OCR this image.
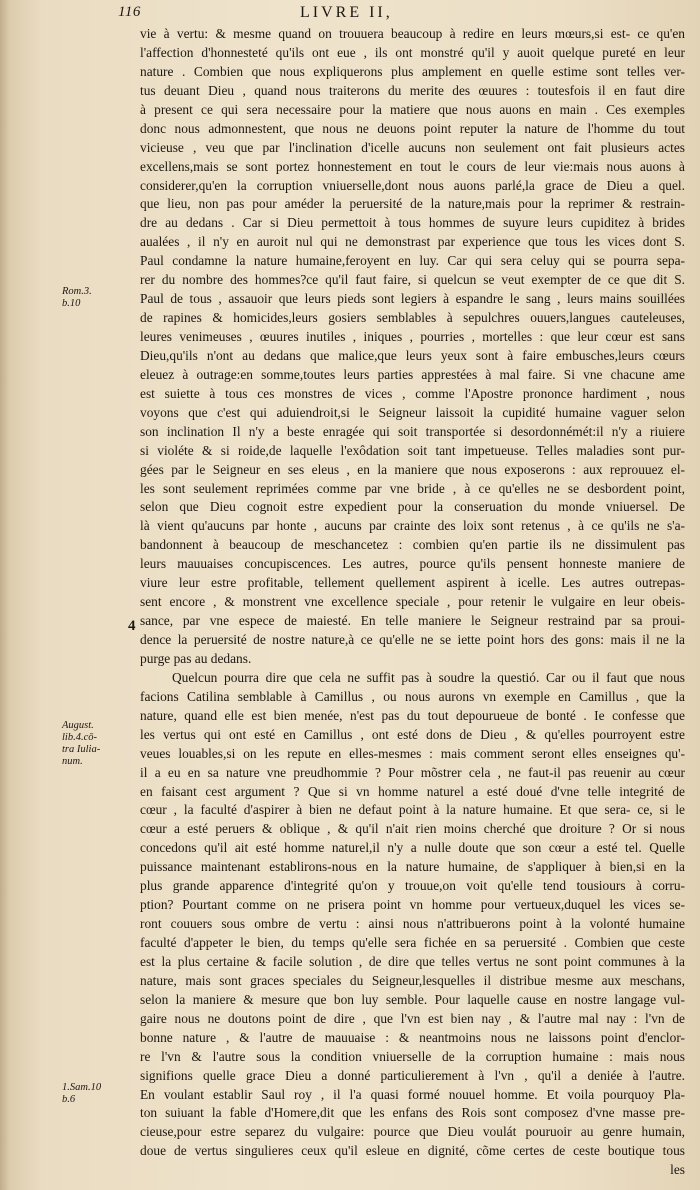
116	LIVRE II,
Rom.3.
b.10
August.
lib.4.cō-
tra Iulia-
num.
1.Sam.10
b.6
4
vie à vertu: & mesme quand on trouuera beaucoup à redire en leurs mœurs,si est- ce qu'en
l'affection d'honnesteté qu'ils ont eue , ils ont monstré qu'il y auoit quelque pureté en leur
nature . Combien que nous expliquerons plus amplement en quelle estime sont telles ver-
tus deuant Dieu , quand nous traiterons du merite des œuures : toutesfois il en faut dire
à present ce qui sera necessaire pour la matiere que nous auons en main . Ces exemples
donc nous admonnestent, que nous ne deuons point reputer la nature de l'homme du tout
vicieuse , veu que par l'inclination d'icelle aucuns non seulement ont fait plusieurs actes
excellens,mais se sont portez honnestement en tout le cours de leur vie:mais nous auons à
considerer,qu'en la corruption vniuerselle,dont nous auons parlé,la grace de Dieu a quel.
que lieu, non pas pour améder la peruersité de la nature,mais pour la reprimer & restrain-
dre au dedans . Car si Dieu permettoit à tous hommes de suyure leurs cupiditez à brides
aualées , il n'y en auroit nul qui ne demonstrast par experience que tous les vices dont S.
Paul condamne la nature humaine,feroyent en luy. Car qui sera celuy qui se pourra sepa-
rer du nombre des hommes?ce qu'il faut faire, si quelcun se veut exempter de ce que dit S.
Paul de tous , assauoir que leurs pieds sont legiers à espandre le sang , leurs mains souillées
de rapines & homicides,leurs gosiers semblables à sepulchres ouuers,langues cauteleuses,
leures venimeuses , œuures inutiles , iniques , pourries , mortelles : que leur cœur est sans
Dieu,qu'ils n'ont au dedans que malice,que leurs yeux sont à faire embusches,leurs cœurs
eleuez à outrage:en somme,toutes leurs parties apprestées à mal faire. Si vne chacune ame
est suiette à tous ces monstres de vices , comme l'Apostre prononce hardiment , nous
voyons que c'est qui aduiendroit,si le Seigneur laissoit la cupidité humaine vaguer selon
son inclination Il n'y a beste enragée qui soit transportée si desordonnémét:il n'y a riuiere
si violéte & si roide,de laquelle l'exôdation soit tant impetueuse. Telles maladies sont pur-
gées par le Seigneur en ses eleus , en la maniere que nous exposerons : aux reprouuez el-
les sont seulement reprimées comme par vne bride , à ce qu'elles ne se desbordent point,
selon que Dieu cognoit estre expedient pour la conseruation du monde vniuersel. De
là vient qu'aucuns par honte , aucuns par crainte des loix sont retenus , à ce qu'ils ne s'a-
bandonnent à beaucoup de meschancetez : combien qu'en partie ils ne dissimulent pas
leurs mauuaises concupiscences. Les autres, pource qu'ils pensent honneste maniere de
viure leur estre profitable, tellement quellement aspirent à icelle. Les autres outrepas-
sent encore , & monstrent vne excellence speciale , pour retenir le vulgaire en leur obeis-
sance, par vne espece de maiesté. En telle maniere le Seigneur restraind par sa proui-
dence la peruersité de nostre nature,à ce qu'elle ne se iette point hors des gons: mais il ne la
purge pas au dedans.
Quelcun pourra dire que cela ne suffit pas à soudre la questió. Car ou il faut que nous
facions Catilina semblable à Camillus , ou nous aurons vn exemple en Camillus , que la
nature, quand elle est bien menée, n'est pas du tout depourueue de bonté . Ie confesse que
les vertus qui ont esté en Camillus , ont esté dons de Dieu , & qu'elles pourroyent estre
veues louables,si on les repute en elles-mesmes : mais comment seront elles enseignes qu'-
il a eu en sa nature vne preudhommie ? Pour mõstrer cela , ne faut-il pas reuenir au cœur
en faisant cest argument ? Que si vn homme naturel a esté doué d'vne telle integrité de
cœur , la faculté d'aspirer à bien ne defaut point à la nature humaine. Et que sera- ce, si le
cœur a esté peruers & oblique , & qu'il n'ait rien moins cherché que droiture ? Or si nous
concedons qu'il ait esté homme naturel,il n'y a nulle doute que son cœur a esté tel. Quelle
puissance maintenant establirons-nous en la nature humaine, de s'appliquer à bien,si en la
plus grande apparence d'integrité qu'on y trouue,on voit qu'elle tend tousiours à corru-
ption? Pourtant comme on ne prisera point vn homme pour vertueux,duquel les vices se-
ront couuers sous ombre de vertu : ainsi nous n'attribuerons point à la volonté humaine
faculté d'appeter le bien, du temps qu'elle sera fichée en sa peruersité . Combien que ceste
est la plus certaine & facile solution , de dire que telles vertus ne sont point communes à la
nature, mais sont graces speciales du Seigneur,lesquelles il distribue mesme aux meschans,
selon la maniere & mesure que bon luy semble. Pour laquelle cause en nostre langage vul-
gaire nous ne doutons point de dire , que l'vn est bien nay , & l'autre mal nay : l'vn de
bonne nature , & l'autre de mauuaise : & neantmoins nous ne laissons point d'enclor-
re l'vn & l'autre sous la condition vniuerselle de la corruption humaine : mais nous
signifions quelle grace Dieu a donné particulierement à l'vn , qu'il a deniée à l'autre.
En voulant establir Saul roy , il l'a quasi formé nouuel homme. Et voila pourquoy Pla-
ton suiuant la fable d'Homere,dit que les enfans des Rois sont composez d'vne masse pre-
cieuse,pour estre separez du vulgaire: pource que Dieu voulát pouruoir au genre humain,
doue de vertus singulieres ceux qu'il esleue en dignité, cõme certes de ceste boutique tous
les
